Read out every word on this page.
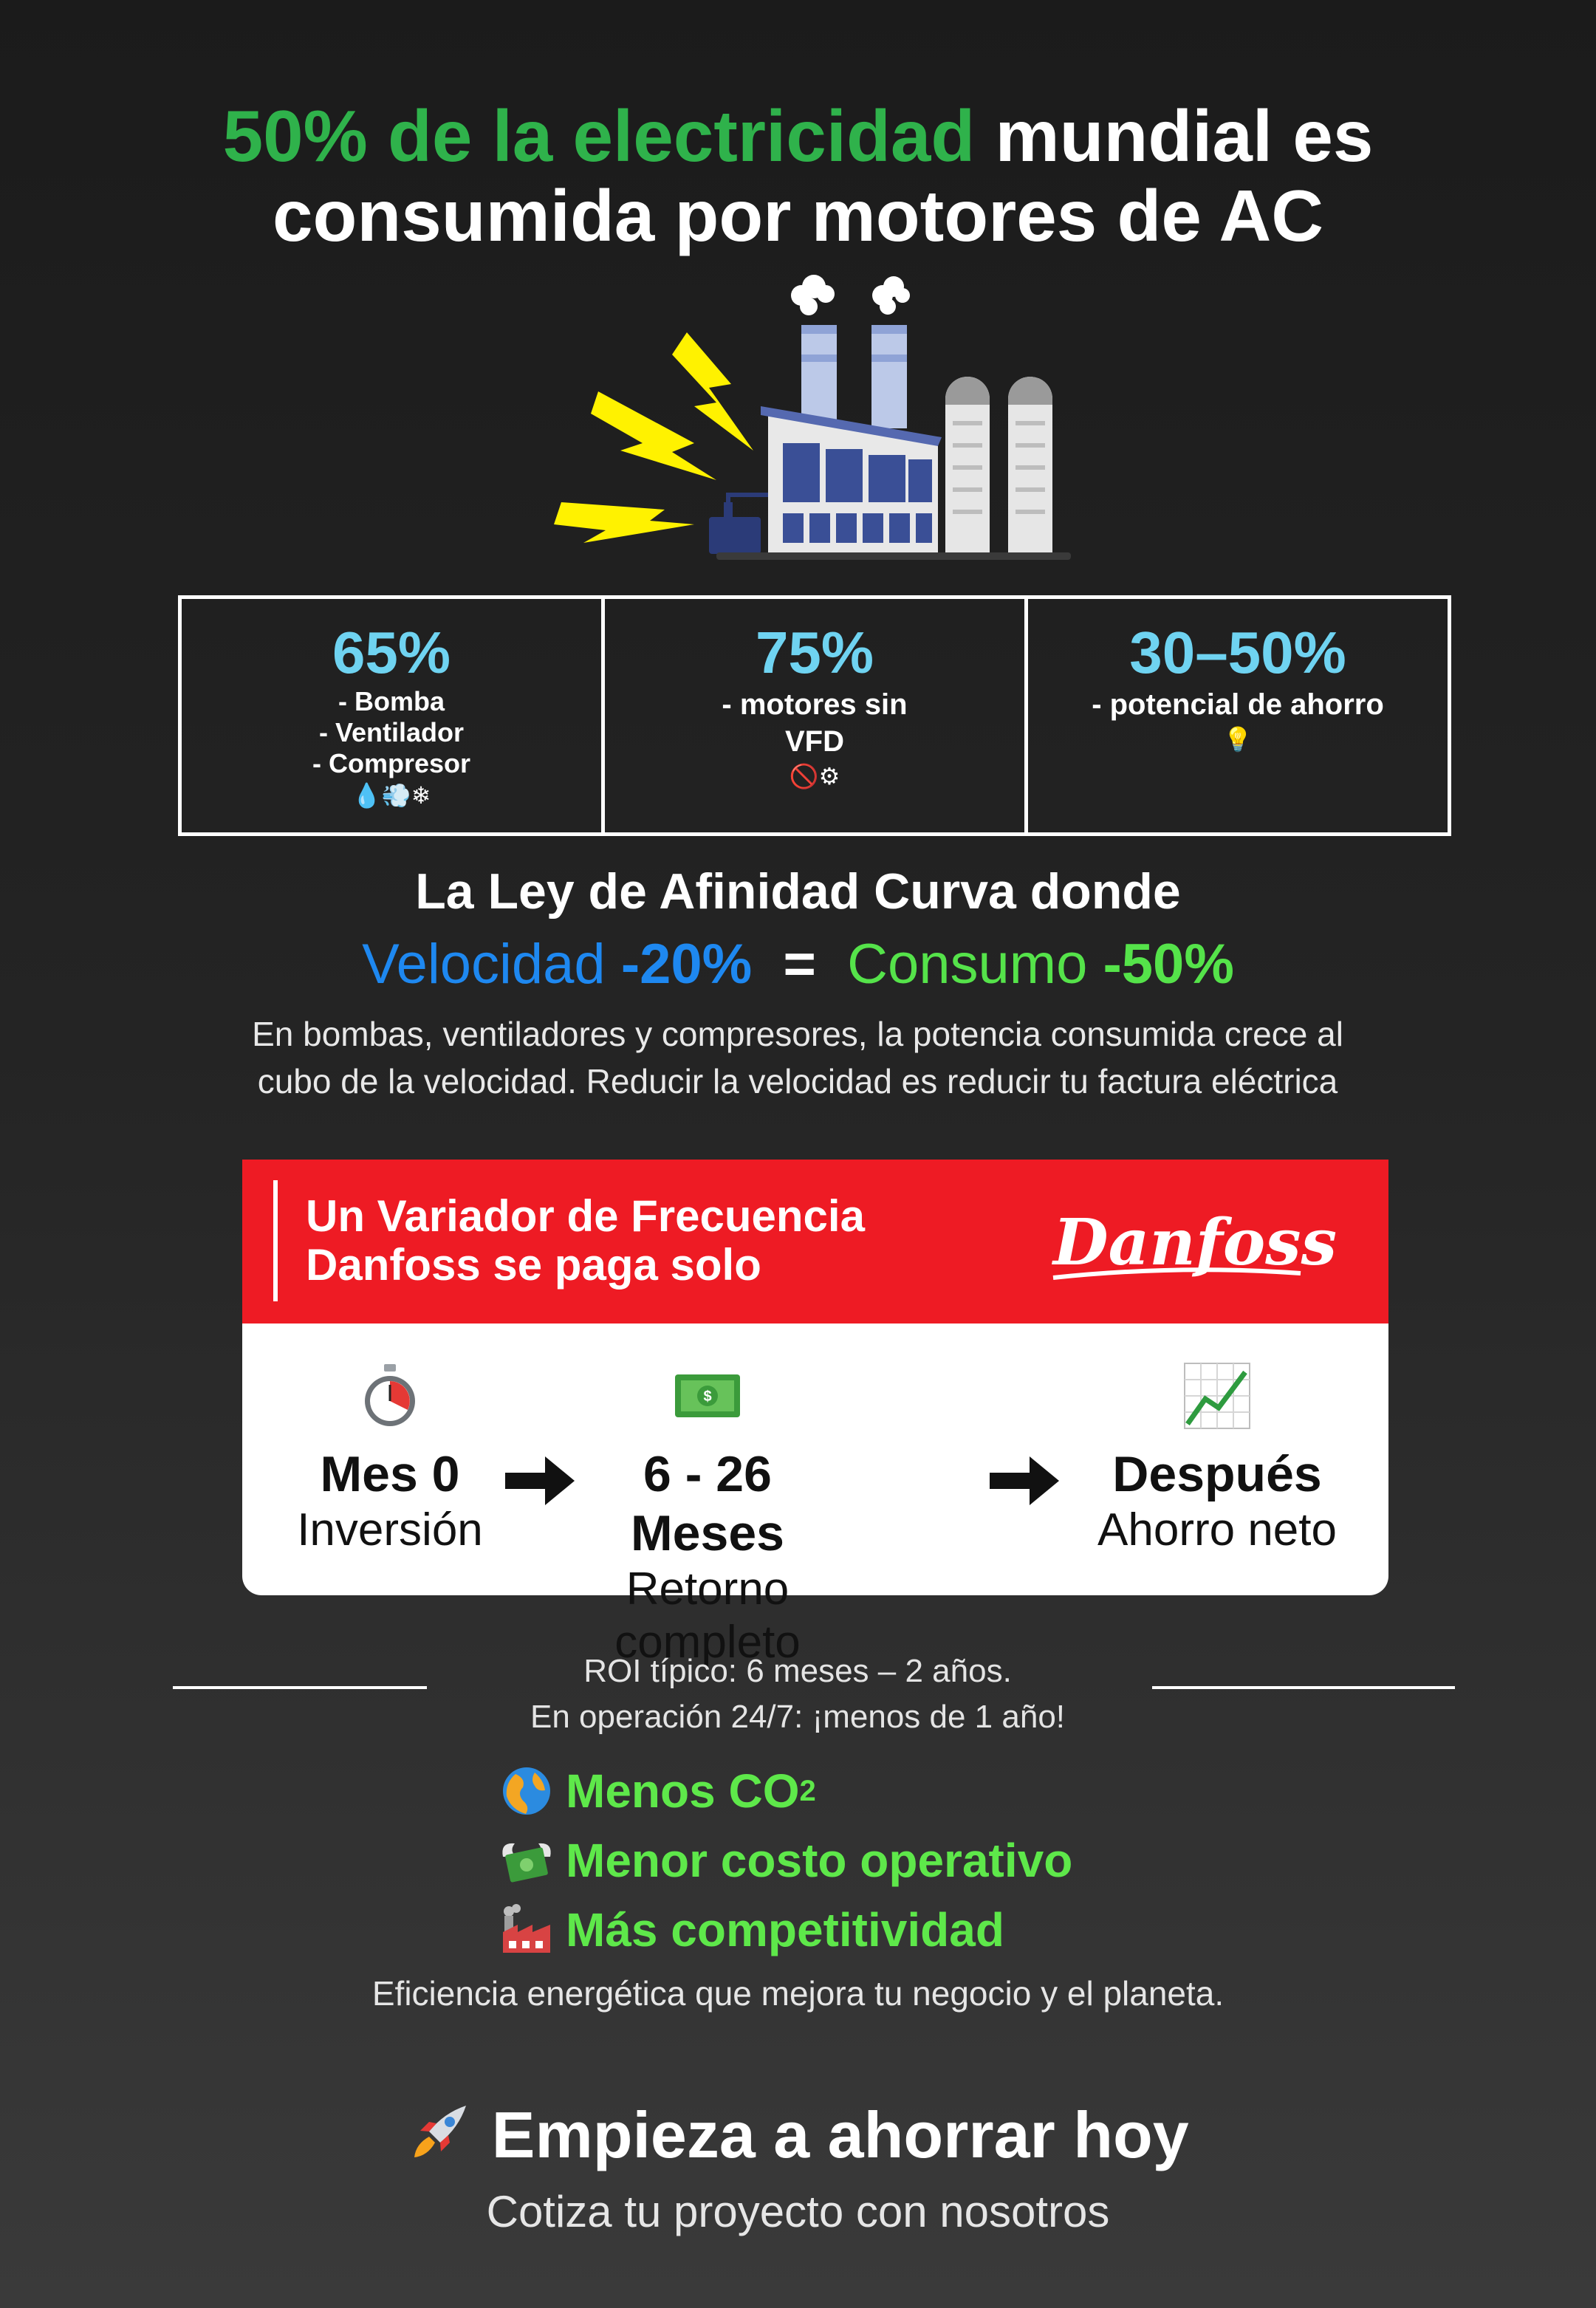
50% de la electricidad mundial es
consumida por motores de AC
65%
- Bomba
- Ventilador
- Compresor
💧💨❄
75%
- motores sin
VFD
🚫⚙
30–50%
- potencial de ahorro
💡
La Ley de Afinidad Curva donde
Velocidad -20% = Consumo -50%
En bombas, ventiladores y compresores, la potencia consumida crece al
cubo de la velocidad. Reducir la velocidad es reducir tu factura eléctrica
Un Variador de Frecuencia
Danfoss se paga solo	Danfoss
Mes 0
Inversión
$
6 - 26 Meses
Retorno completo
Después
Ahorro neto
ROI típico: 6 meses – 2 años.
En operación 24/7: ¡menos de 1 año!
Menos CO 2
Menor costo operativo
Más competitividad
Eficiencia energética que mejora tu negocio y el planeta.
Empieza a ahorrar hoy
Cotiza tu proyecto con nosotros
